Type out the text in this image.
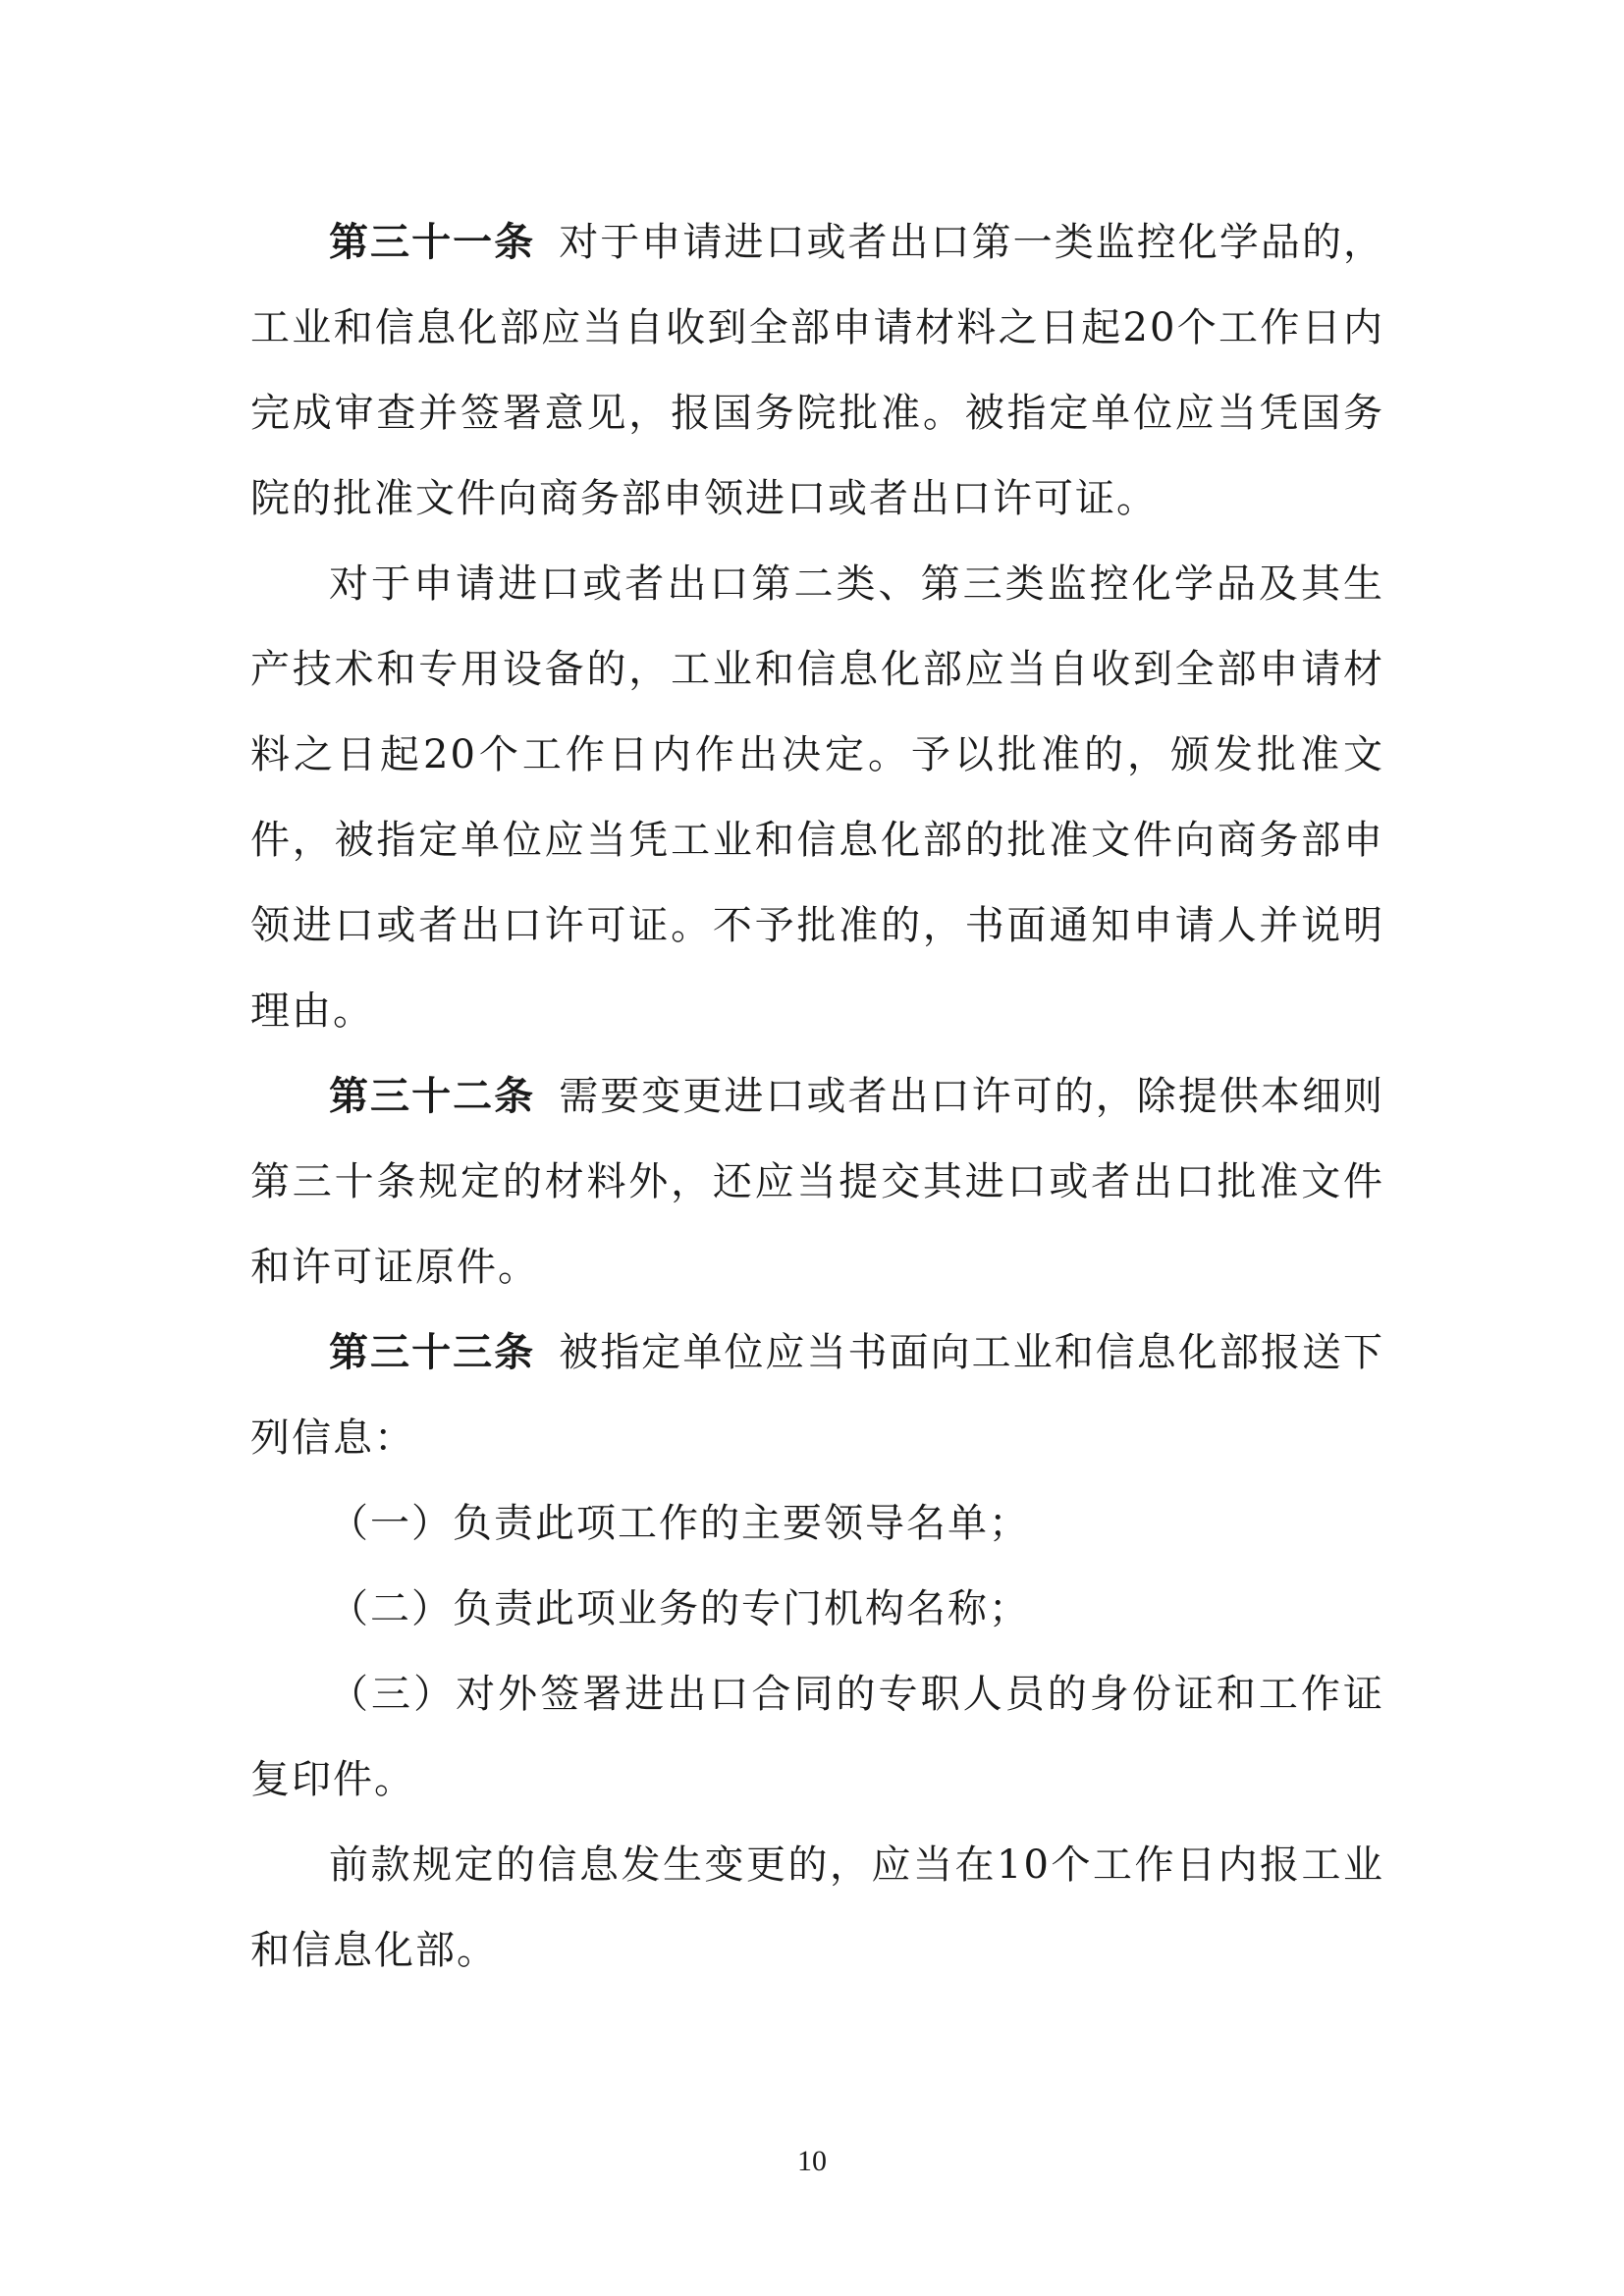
第三十一条 对于申请进口或者出口第一类监控化学品的，工业和信息化部应当自收到全部申请材料之日起20个工作日内完成审查并签署意见，报国务院批准。被指定单位应当凭国务院的批准文件向商务部申领进口或者出口许可证。

对于申请进口或者出口第二类、第三类监控化学品及其生产技术和专用设备的，工业和信息化部应当自收到全部申请材料之日起20个工作日内作出决定。予以批准的，颁发批准文件，被指定单位应当凭工业和信息化部的批准文件向商务部申领进口或者出口许可证。不予批准的，书面通知申请人并说明理由。

第三十二条 需要变更进口或者出口许可的，除提供本细则第三十条规定的材料外，还应当提交其进口或者出口批准文件和许可证原件。

第三十三条 被指定单位应当书面向工业和信息化部报送下列信息：

（一）负责此项工作的主要领导名单；

（二）负责此项业务的专门机构名称；

（三）对外签署进出口合同的专职人员的身份证和工作证复印件。

前款规定的信息发生变更的，应当在10个工作日内报工业和信息化部。

10
